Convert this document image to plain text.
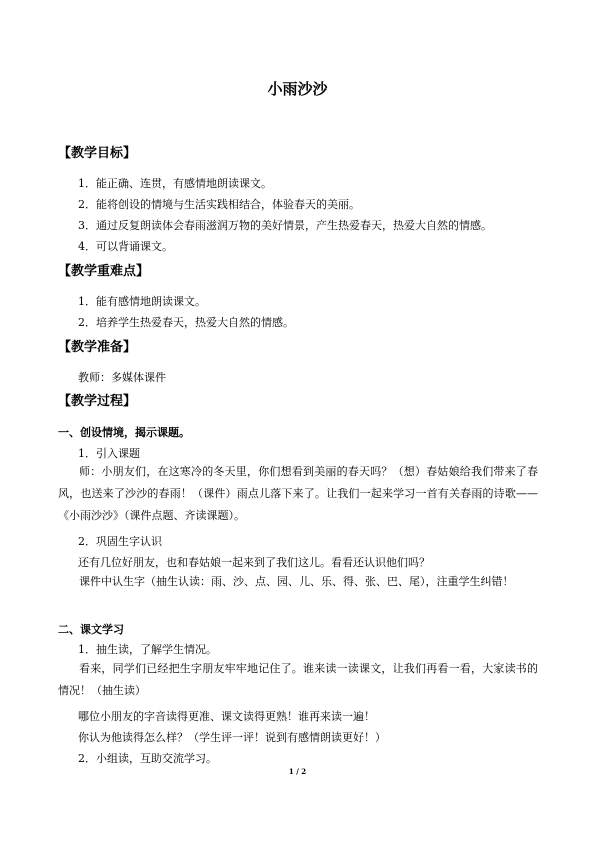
小雨沙沙
【教学目标】

1．能正确、连贯，有感情地朗读课文。

2．能将创设的情境与生活实践相结合，体验春天的美丽。

3．通过反复朗读体会春雨滋润万物的美好情景，产生热爱春天，热爱大自然的情感。

4．可以背诵课文。

【教学重难点】

1．能有感情地朗读课文。

2．培养学生热爱春天，热爱大自然的情感。

【教学准备】

教师：多媒体课件

【教学过程】
一、创设情境，揭示课题。

1．引入课题

师：小朋友们，在这寒冷的冬天里，你们想看到美丽的春天吗？（想）春姑娘给我们带来了春风，也送来了沙沙的春雨！（课件）雨点儿落下来了。让我们一起来学习一首有关春雨的诗歌——《小雨沙沙》（课件点题、齐读课题）。

2．巩固生字认识

还有几位好朋友，也和春姑娘一起来到了我们这儿。看看还认识他们吗？

课件中认生字（抽生认读：雨、沙、点、园、儿、乐、得、张、巴、尾），注重学生纠错！

二、课文学习

1．抽生读，了解学生情况。

看来，同学们已经把生字朋友牢牢地记住了。谁来读一读课文，让我们再看一看，大家读书的情况！（抽生读）

哪位小朋友的字音读得更准、课文读得更熟！谁再来读一遍！

你认为他读得怎么样？（学生评一评！说到有感情朗读更好！）

2．小组读，互助交流学习。

1 / 2
